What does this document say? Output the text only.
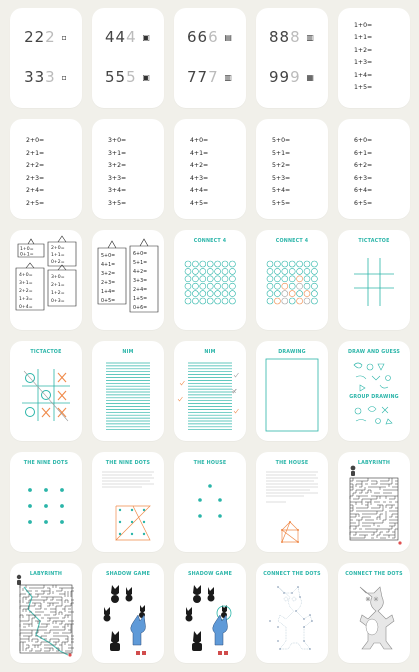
222 ▫
333 ▫
444 ▣
555 ▣
666 ▤
777 ▥
888 ▥
999 ▦
1+0=
1+1=
1+2=
1+3=
1+4=
1+5=
2+0=
2+1=
2+2=
2+3=
2+4=
2+5=
3+0=
3+1=
3+2=
3+3=
3+4=
3+5=
4+0=
4+1=
4+2=
4+3=
4+4=
4+5=
5+0=
5+1=
5+2=
5+3=
5+4=
5+5=
6+0=
6+1=
6+2=
6+3=
6+4=
6+5=
1+0=
0+1=
2+0=
1+1=
0+2=
4+0=
3+1=
2+2=
1+3=
0+4=
3+0=
2+1=
1+2=
0+3=
5+0=
4+1=
3+2=
2+3=
1+4=
0+5=
6+0=
5+1=
4+2=
3+3=
2+4=
1+5=
0+6=
CONNECT 4	CONNECT 4	TICTACTOE
TICTACTOE	NIM	NIM	DRAWING	DRAW AND GUESS
GROUP DRAWING
THE NINE DOTS	THE NINE DOTS	THE HOUSE	THE HOUSE	LABYRINTH
LABYRINTH	SHADOW GAME	SHADOW GAME	CONNECT THE DOTS	CONNECT THE DOTS
